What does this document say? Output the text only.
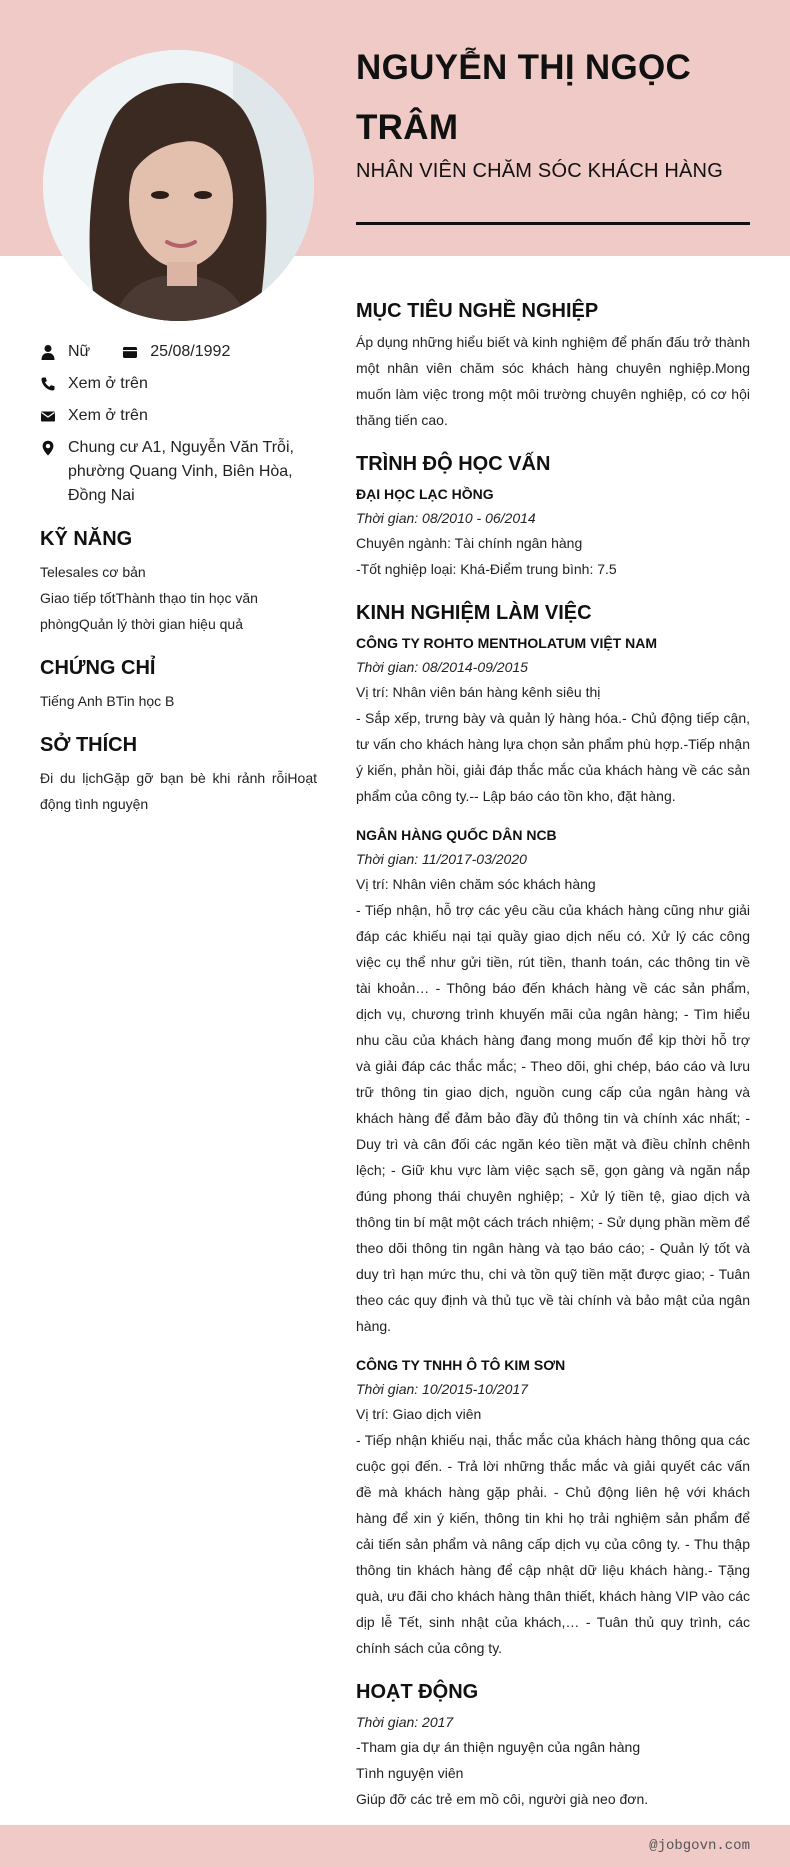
NGUYỄN THỊ NGỌC TRÂM
NHÂN VIÊN CHĂM SÓC KHÁCH HÀNG
Nữ	25/08/1992
Xem ở trên
Xem ở trên
Chung cư A1, Nguyễn Văn Trỗi, phường Quang Vinh, Biên Hòa, Đồng Nai
KỸ NĂNG
Telesales cơ bản
Giao tiếp tốtThành thạo tin học văn phòngQuản lý thời gian hiệu quả
CHỨNG CHỈ
Tiếng Anh BTin học B
SỞ THÍCH
Đi du lịchGặp gỡ bạn bè khi rảnh rỗiHoạt động tình nguyện
MỤC TIÊU NGHỀ NGHIỆP
Áp dụng những hiểu biết và kinh nghiệm để phấn đấu trở thành một nhân viên chăm sóc khách hàng chuyên nghiệp.Mong muốn làm việc trong một môi trường chuyên nghiệp, có cơ hội thăng tiến cao.
TRÌNH ĐỘ HỌC VẤN
ĐẠI HỌC LẠC HỒNG
Thời gian: 08/2010 - 06/2014
Chuyên ngành: Tài chính ngân hàng
-Tốt nghiệp loại: Khá-Điểm trung bình: 7.5
KINH NGHIỆM LÀM VIỆC
CÔNG TY ROHTO MENTHOLATUM VIỆT NAM
Thời gian: 08/2014-09/2015
Vị trí: Nhân viên bán hàng kênh siêu thị
- Sắp xếp, trưng bày và quản lý hàng hóa.- Chủ động tiếp cận, tư vấn cho khách hàng lựa chọn sản phẩm phù hợp.-Tiếp nhận ý kiến, phản hồi, giải đáp thắc mắc của khách hàng về các sản phẩm của công ty.-- Lập báo cáo tồn kho, đặt hàng.
NGÂN HÀNG QUỐC DÂN NCB
Thời gian: 11/2017-03/2020
Vị trí: Nhân viên chăm sóc khách hàng
- Tiếp nhận, hỗ trợ các yêu cầu của khách hàng cũng như giải đáp các khiếu nại tại quầy giao dịch nếu có. Xử lý các công việc cụ thể như gửi tiền, rút tiền, thanh toán, các thông tin về tài khoản… - Thông báo đến khách hàng về các sản phẩm, dịch vụ, chương trình khuyến mãi của ngân hàng; - Tìm hiểu nhu cầu của khách hàng đang mong muốn để kịp thời hỗ trợ và giải đáp các thắc mắc; - Theo dõi, ghi chép, báo cáo và lưu trữ thông tin giao dịch, nguồn cung cấp của ngân hàng và khách hàng để đảm bảo đầy đủ thông tin và chính xác nhất; - Duy trì và cân đối các ngăn kéo tiền mặt và điều chỉnh chênh lệch; - Giữ khu vực làm việc sạch sẽ, gọn gàng và ngăn nắp đúng phong thái chuyên nghiệp; - Xử lý tiền tệ, giao dịch và thông tin bí mật một cách trách nhiệm; - Sử dụng phần mềm để theo dõi thông tin ngân hàng và tạo báo cáo; - Quản lý tốt và duy trì hạn mức thu, chi và tồn quỹ tiền mặt được giao; - Tuân theo các quy định và thủ tục về tài chính và bảo mật của ngân hàng.
CÔNG TY TNHH Ô TÔ KIM SƠN
Thời gian: 10/2015-10/2017
Vị trí: Giao dịch viên
- Tiếp nhận khiếu nại, thắc mắc của khách hàng thông qua các cuộc gọi đến. - Trả lời những thắc mắc và giải quyết các vấn đề mà khách hàng gặp phải. - Chủ động liên hệ với khách hàng để xin ý kiến, thông tin khi họ trải nghiệm sản phẩm để cải tiến sản phẩm và nâng cấp dịch vụ của công ty. - Thu thập thông tin khách hàng để cập nhật dữ liệu khách hàng.- Tặng quà, ưu đãi cho khách hàng thân thiết, khách hàng VIP vào các dịp lễ Tết, sinh nhật của khách,… - Tuân thủ quy trình, các chính sách của công ty.
HOẠT ĐỘNG
Thời gian: 2017
-Tham gia dự án thiện nguyện của ngân hàng
Tình nguyện viên
Giúp đỡ các trẻ em mồ côi, người già neo đơn.
@jobgovn.com
